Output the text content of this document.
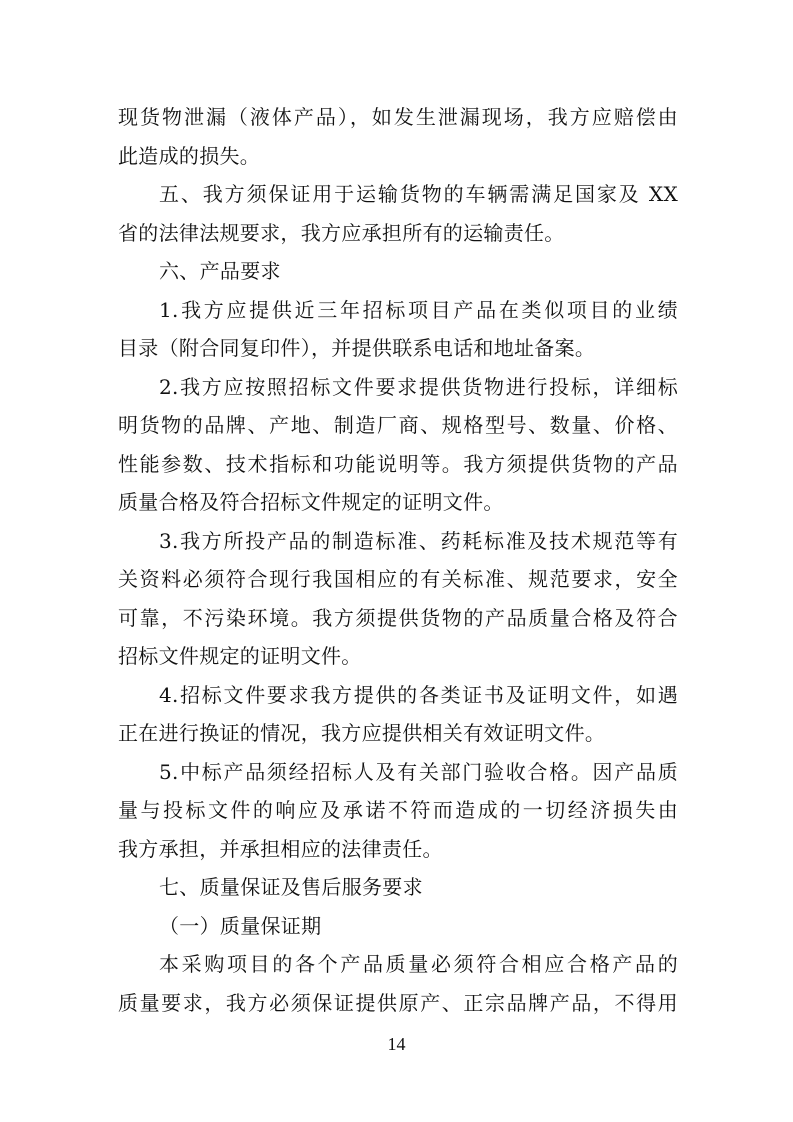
现货物泄漏（液体产品），如发生泄漏现场，我方应赔偿由
此造成的损失。
五、我方须保证用于运输货物的车辆需满足国家及 XX
省的法律法规要求，我方应承担所有的运输责任。
六、产品要求
1.我方应提供近三年招标项目产品在类似项目的业绩
目录（附合同复印件），并提供联系电话和地址备案。
2.我方应按照招标文件要求提供货物进行投标，详细标
明货物的品牌、产地、制造厂商、规格型号、数量、价格、
性能参数、技术指标和功能说明等。我方须提供货物的产品
质量合格及符合招标文件规定的证明文件。
3.我方所投产品的制造标准、药耗标准及技术规范等有
关资料必须符合现行我国相应的有关标准、规范要求，安全
可靠，不污染环境。我方须提供货物的产品质量合格及符合
招标文件规定的证明文件。
4.招标文件要求我方提供的各类证书及证明文件，如遇
正在进行换证的情况，我方应提供相关有效证明文件。
5.中标产品须经招标人及有关部门验收合格。因产品质
量与投标文件的响应及承诺不符而造成的一切经济损失由
我方承担，并承担相应的法律责任。
七、质量保证及售后服务要求
（一）质量保证期
本采购项目的各个产品质量必须符合相应合格产品的
质量要求，我方必须保证提供原产、正宗品牌产品，不得用
14
